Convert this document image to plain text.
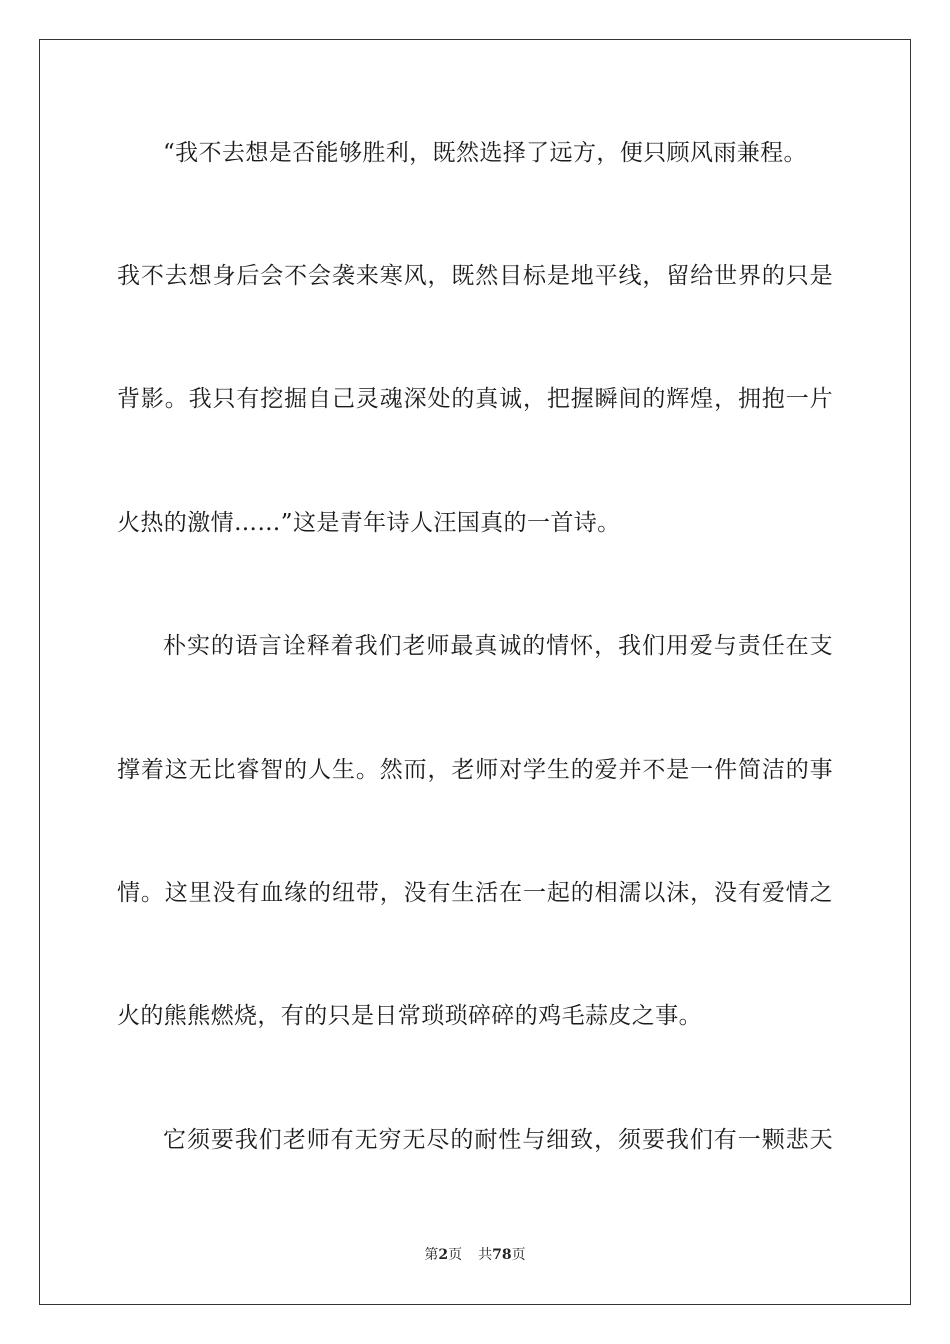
“我不去想是否能够胜利，既然选择了远方，便只顾风雨兼程。
我不去想身后会不会袭来寒风，既然目标是地平线，留给世界的只是
背影。我只有挖掘自己灵魂深处的真诚，把握瞬间的辉煌，拥抱一片
火热的激情……”这是青年诗人汪国真的一首诗。
朴实的语言诠释着我们老师最真诚的情怀，我们用爱与责任在支
撑着这无比睿智的人生。然而，老师对学生的爱并不是一件简洁的事
情。这里没有血缘的纽带，没有生活在一起的相濡以沫，没有爱情之
火的熊熊燃烧，有的只是日常琐琐碎碎的鸡毛蒜皮之事。
它须要我们老师有无穷无尽的耐性与细致，须要我们有一颗悲天
第2页 共78页
